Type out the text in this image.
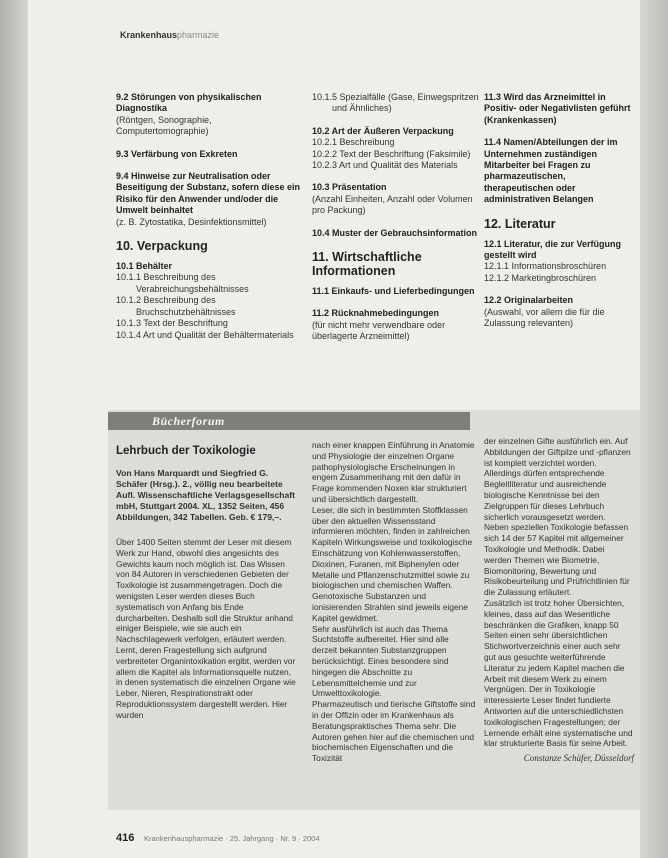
Krankenhauspharmazie
9.2 Störungen von physikalischen Diagnostika
(Röntgen, Sonographie, Computertomographie)
9.3 Verfärbung von Exkreten
9.4 Hinweise zur Neutralisation oder Beseitigung der Substanz, sofern diese ein Risiko für den Anwender und/oder die Umwelt beinhaltet
(z. B. Zytostatika, Desinfektionsmittel)
10. Verpackung
10.1 Behälter
10.1.1 Beschreibung des Verabreichungsbehältnisses
10.1.2 Beschreibung des Bruchschutzbehältnisses
10.1.3 Text der Beschriftung
10.1.4 Art und Qualität der Behältermaterials
10.1.5 Spezialfälle (Gase, Einwegspritzen und Ähnliches)
10.2 Art der Äußeren Verpackung
10.2.1 Beschreibung
10.2.2 Text der Beschriftung (Faksimile)
10.2.3 Art und Qualität des Materials
10.3 Präsentation
(Anzahl Einheiten, Anzahl oder Volumen pro Packung)
10.4 Muster der Gebrauchsinformation
11. Wirtschaftliche Informationen
11.1 Einkaufs- und Lieferbedingungen
11.2 Rücknahmebedingungen
(für nicht mehr verwendbare oder überlagerte Arzneimittel)
11.3 Wird das Arzneimittel in Positiv- oder Negativlisten geführt (Krankenkassen)
11.4 Namen/Abteilungen der im Unternehmen zuständigen Mitarbeiter bei Fragen zu pharmazeutischen, therapeutischen oder administrativen Belangen
12. Literatur
12.1 Literatur, die zur Verfügung gestellt wird
12.1.1 Informationsbroschüren
12.1.2 Marketingbroschüren
12.2 Originalarbeiten
(Auswahl, vor allem die für die Zulassung relevanten)
Bücherforum
Lehrbuch der Toxikologie
Von Hans Marquardt und Siegfried G. Schäfer (Hrsg.). 2., völlig neu bearbeitete Aufl. Wissenschaftliche Verlagsgesellschaft mbH, Stuttgart 2004. XL, 1352 Seiten, 456 Abbildungen, 342 Tabellen. Geb. € 179,–.
Über 1400 Seiten stemmt der Leser mit diesem Werk zur Hand, obwohl dies angesichts des Gewichts kaum noch möglich ist. Das Wissen von 84 Autoren in verschiedenen Gebieten der Toxikologie ist zusammengetragen. Doch die wenigsten Leser werden dieses Buch systematisch von Anfang bis Ende durcharbeiten. Deshalb soll die Struktur anhand einiger Beispiele, wie sie auch ein Nachschlagewerk verfolgen, erläutert werden.
Lernt, deren Fragestellung sich aufgrund verbreiteter Organintoxikation ergibt, werden vor allem die Kapitel als Informationsquelle nutzen, in denen systematisch die einzelnen Organe wie Leber, Nieren, Respirationstrakt oder Reproduktionssystem dargestellt werden. Hier wurden
nach einer knappen Einführung in Anatomie und Physiologie der einzelnen Organe pathophysiologische Erscheinungen in engem Zusammenhang mit den dafür in Frage kommenden Noxen klar strukturiert und übersichtlich dargestellt.
Leser, die sich in bestimmten Stoffklassen über den aktuellen Wissensstand informieren möchten, finden in zahlreichen Kapiteln Wirkungsweise und toxikologische Einschätzung von Kohlenwasserstoffen, Dioxinen, Furanen, mit Biphenylen oder Metalle und Pflanzenschutzmittel sowie zu biologischen und chemischen Waffen. Genotoxische Substanzen und ionisierenden Strahlen sind jeweils eigene Kapitel gewidmet.
Sehr ausführlich ist auch das Thema Suchtstoffe aufbereitet. Hier sind alle derzeit bekannten Substanzgruppen berücksichtigt. Eines besondere sind hingegen die Abschnitte zu Lebensmittelchemie und zur Umwelttoxikologie.
Pharmazeutisch und tierische Giftstoffe sind in der Offizin oder im Krankenhaus als Beratungspraktisches Thema sehr. Die Autoren gehen hier auf die chemischen und biochemischen Eigenschaften und die Toxizität
der einzelnen Gifte ausführlich ein. Auf Abbildungen der Giftpilze und -pflanzen ist komplett verzichtet worden. Allerdings dürfen entsprechende Begleitliteratur und ausreichende biologische Kenntnisse bei den Zielgruppen für dieses Lehrbuch sicherlich vorausgesetzt werden.
Neben speziellen Toxikologie befassen sich 14 der 57 Kapitel mit allgemeiner Toxikologie und Methodik. Dabei werden Themen wie Biometrie, Biomonitoring, Bewertung und Risikobeurteilung und Prüfrichtlinien für die Zulassung erläutert.
Zusätzlich ist trotz hoher Übersichten, kleines, dass auf das Wesentliche beschränken die Grafiken, knapp 50 Seiten einen sehr übersichtlichen Stichwortverzeichnis einer auch sehr gut aus gesuchte weiterführende Literatur zu jedem Kapitel machen die Arbeit mit diesem Werk zu einem Vergnügen. Der in Toxikologie interessierte Leser findet fundierte Antworten auf die unterschiedlichsten toxikologischen Fragestellungen; der Lernende erhält eine systematische und klar strukturierte Basis für seine Arbeit.
Constanze Schäfer, Düsseldorf
416 Krankenhauspharmazie · 25. Jahrgang · Nr. 9 · 2004
